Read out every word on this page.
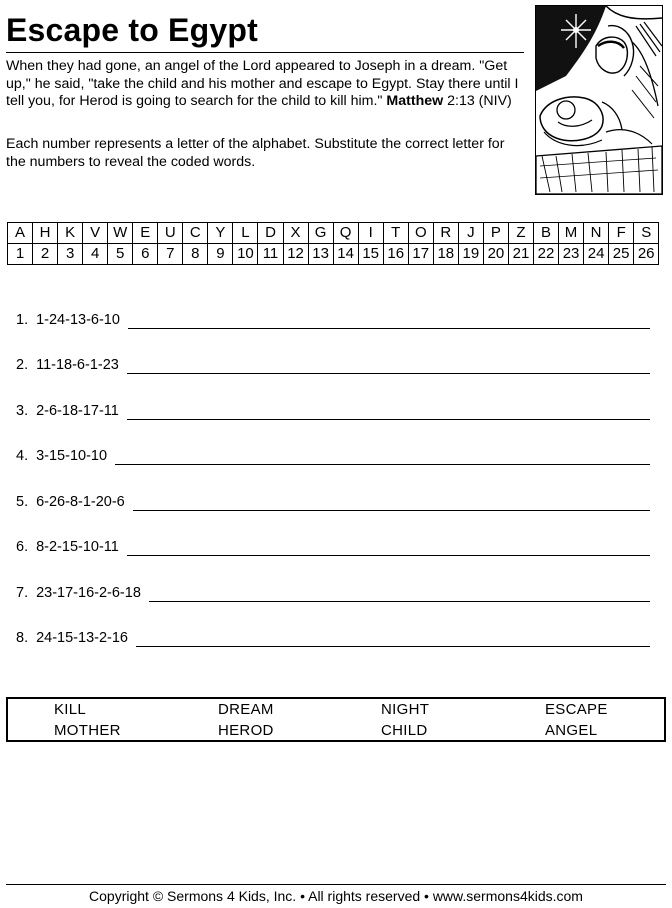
Escape to Egypt

When they had gone, an angel of the Lord appeared to Joseph in a dream. "Get up," he said, "take the child and his mother and escape to Egypt. Stay there until I tell you, for Herod is going to search for the child to kill him." Matthew 2:13 (NIV)

Each number represents a letter of the alphabet. Substitute the correct letter for the numbers to reveal the coded words.

A	H	K	V	W	E	U	C	Y	L	D	X	G	Q	I	T	O	R	J	P	Z	B	M	N	F	S
1	2	3	4	5	6	7	8	9	10	11	12	13	14	15	16	17	18	19	20	21	22	23	24	25	26
1. 1-24-13-6-10
2. 11-18-6-1-23
3. 2-6-18-17-11
4. 3-15-10-10
5. 6-26-8-1-20-6
6. 8-2-15-10-11
7. 23-17-16-2-6-18
8. 24-15-13-2-16
KILL	DREAM	NIGHT	ESCAPE
MOTHER	HEROD	CHILD	ANGEL
Copyright © Sermons 4 Kids, Inc. • All rights reserved • www.sermons4kids.com
